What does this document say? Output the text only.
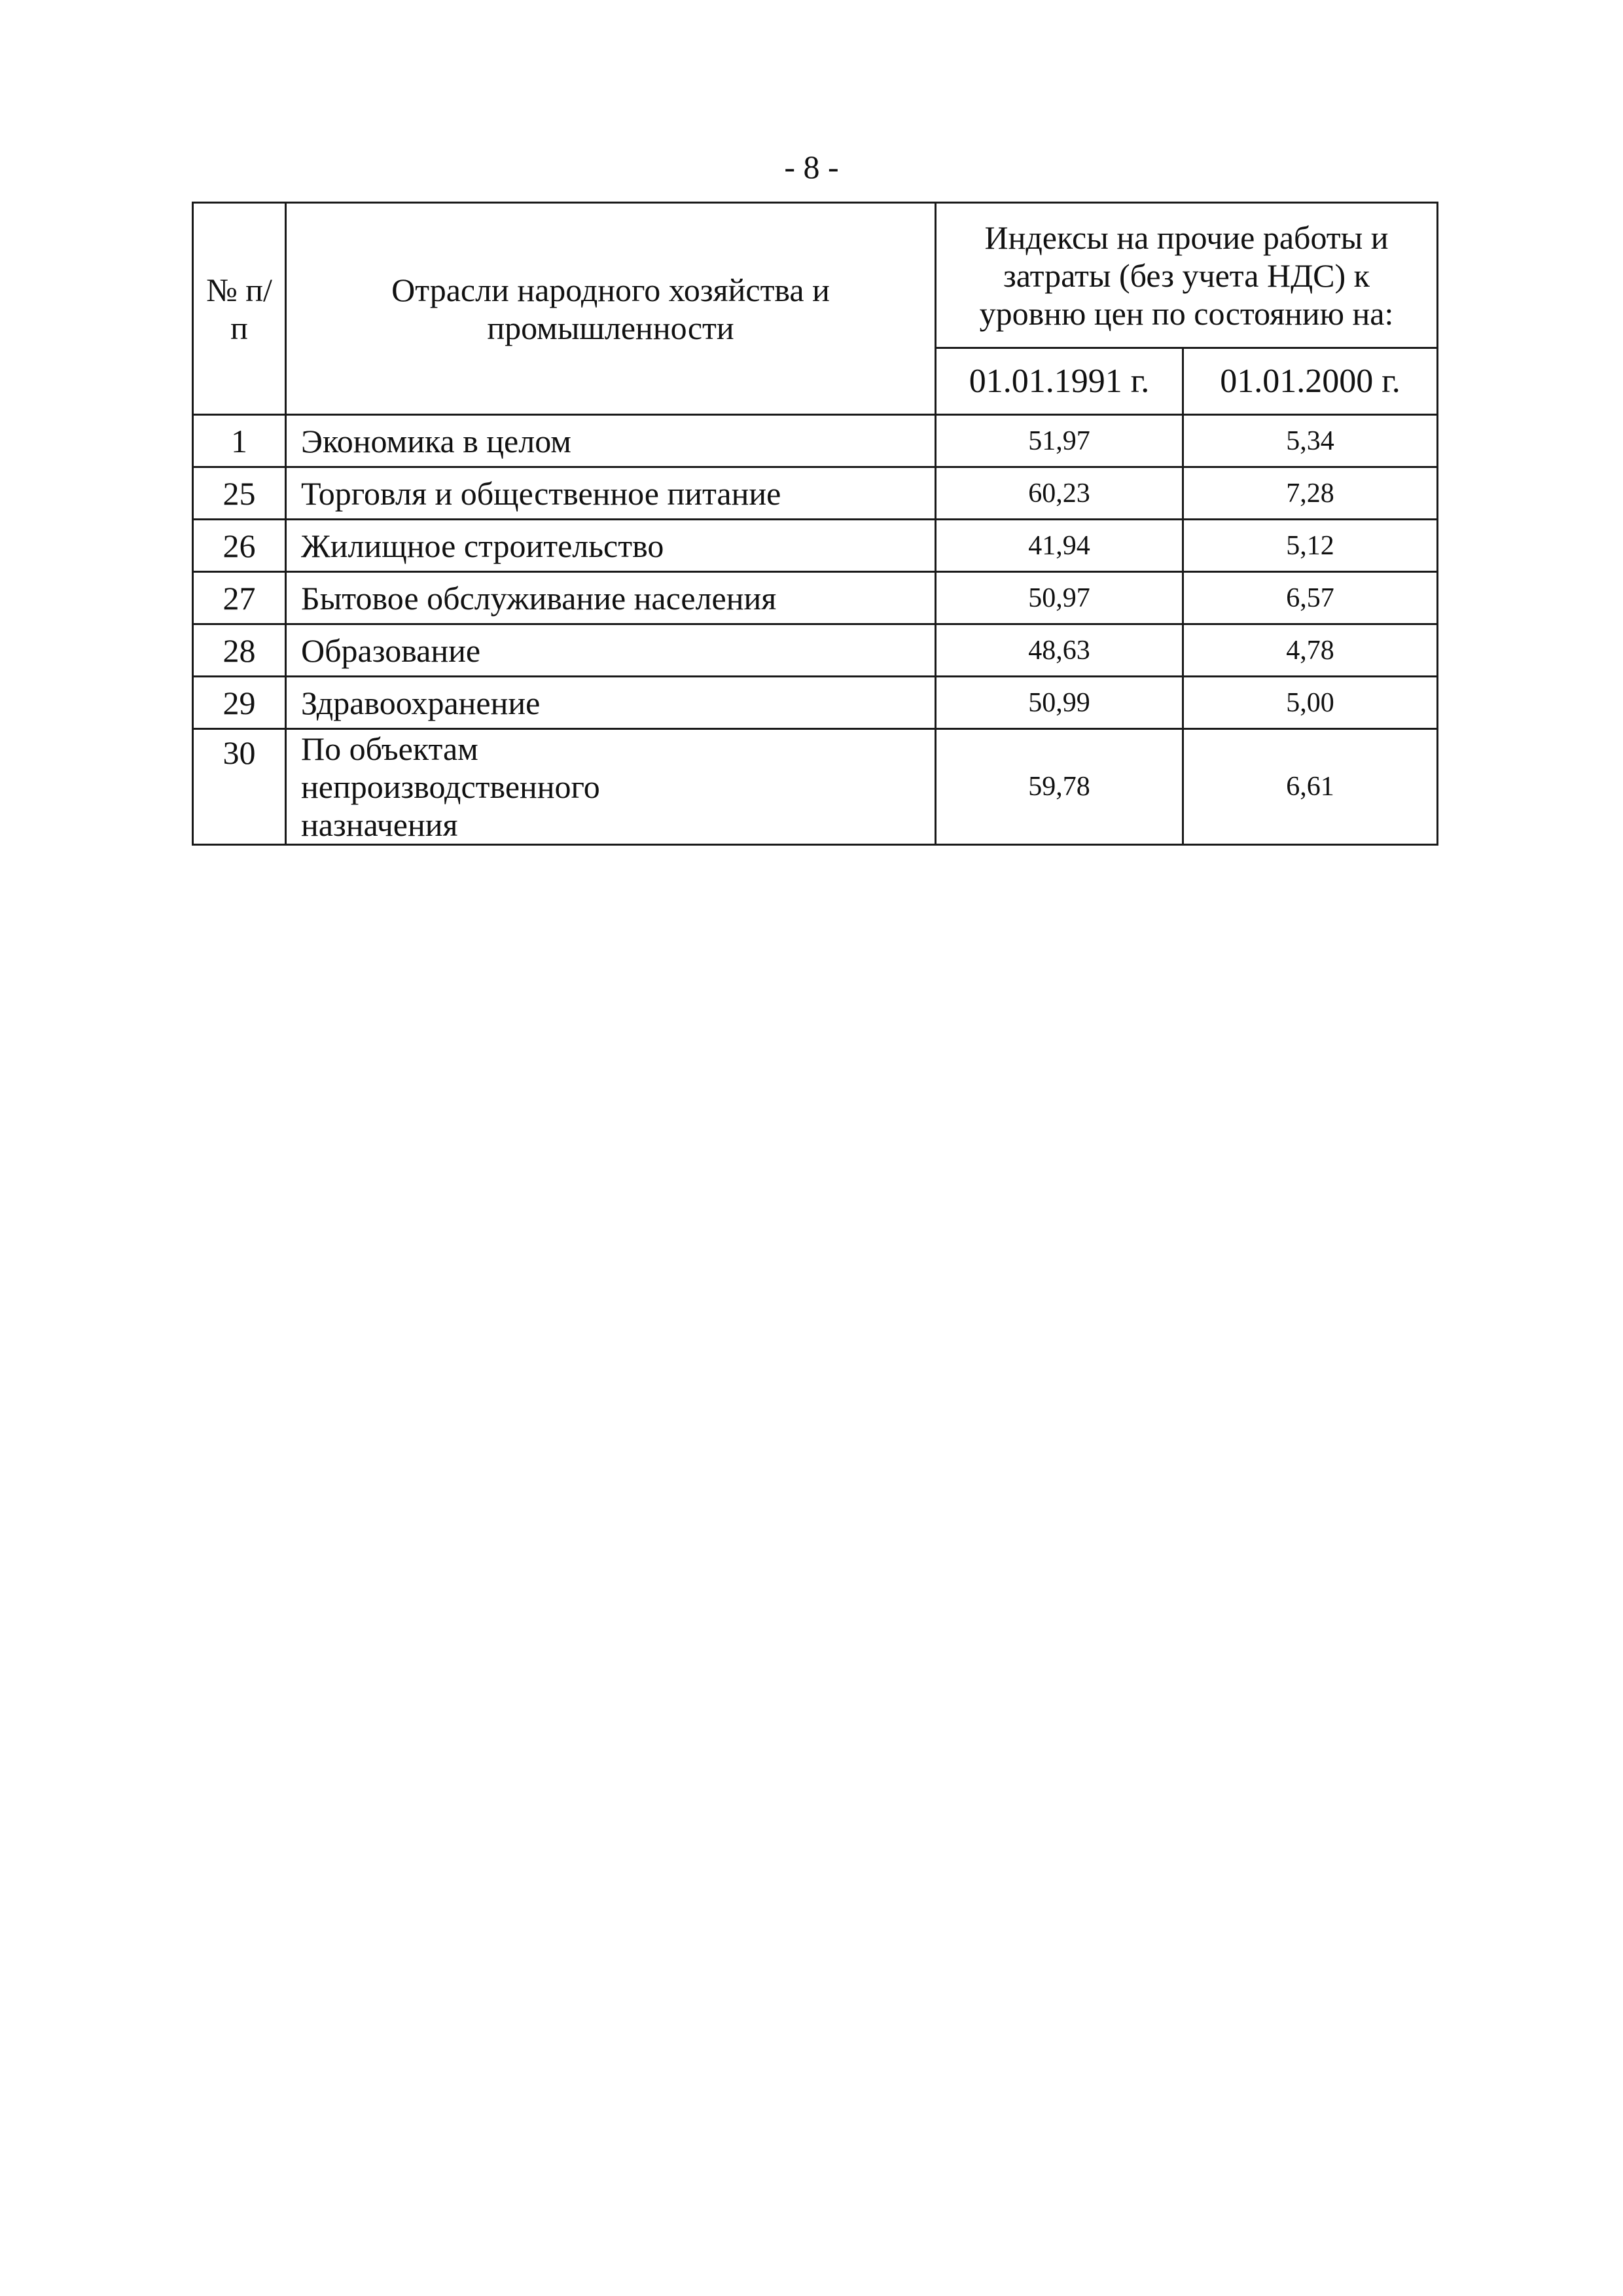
- 8 -
№ п/п	Отрасли народного хозяйства и промышленности	Индексы на прочие работы и затраты (без учета НДС) к уровню цен по состоянию на:	
		01.01.1991 г.	01.01.2000 г.
1	Экономика в целом	51,97	5,34
25	Торговля и общественное питание	60,23	7,28
26	Жилищное строительство	41,94	5,12
27	Бытовое обслуживание населения	50,97	6,57
28	Образование	48,63	4,78
29	Здравоохранение	50,99	5,00
30	По объектам непроизводственного назначения	59,78	6,61
